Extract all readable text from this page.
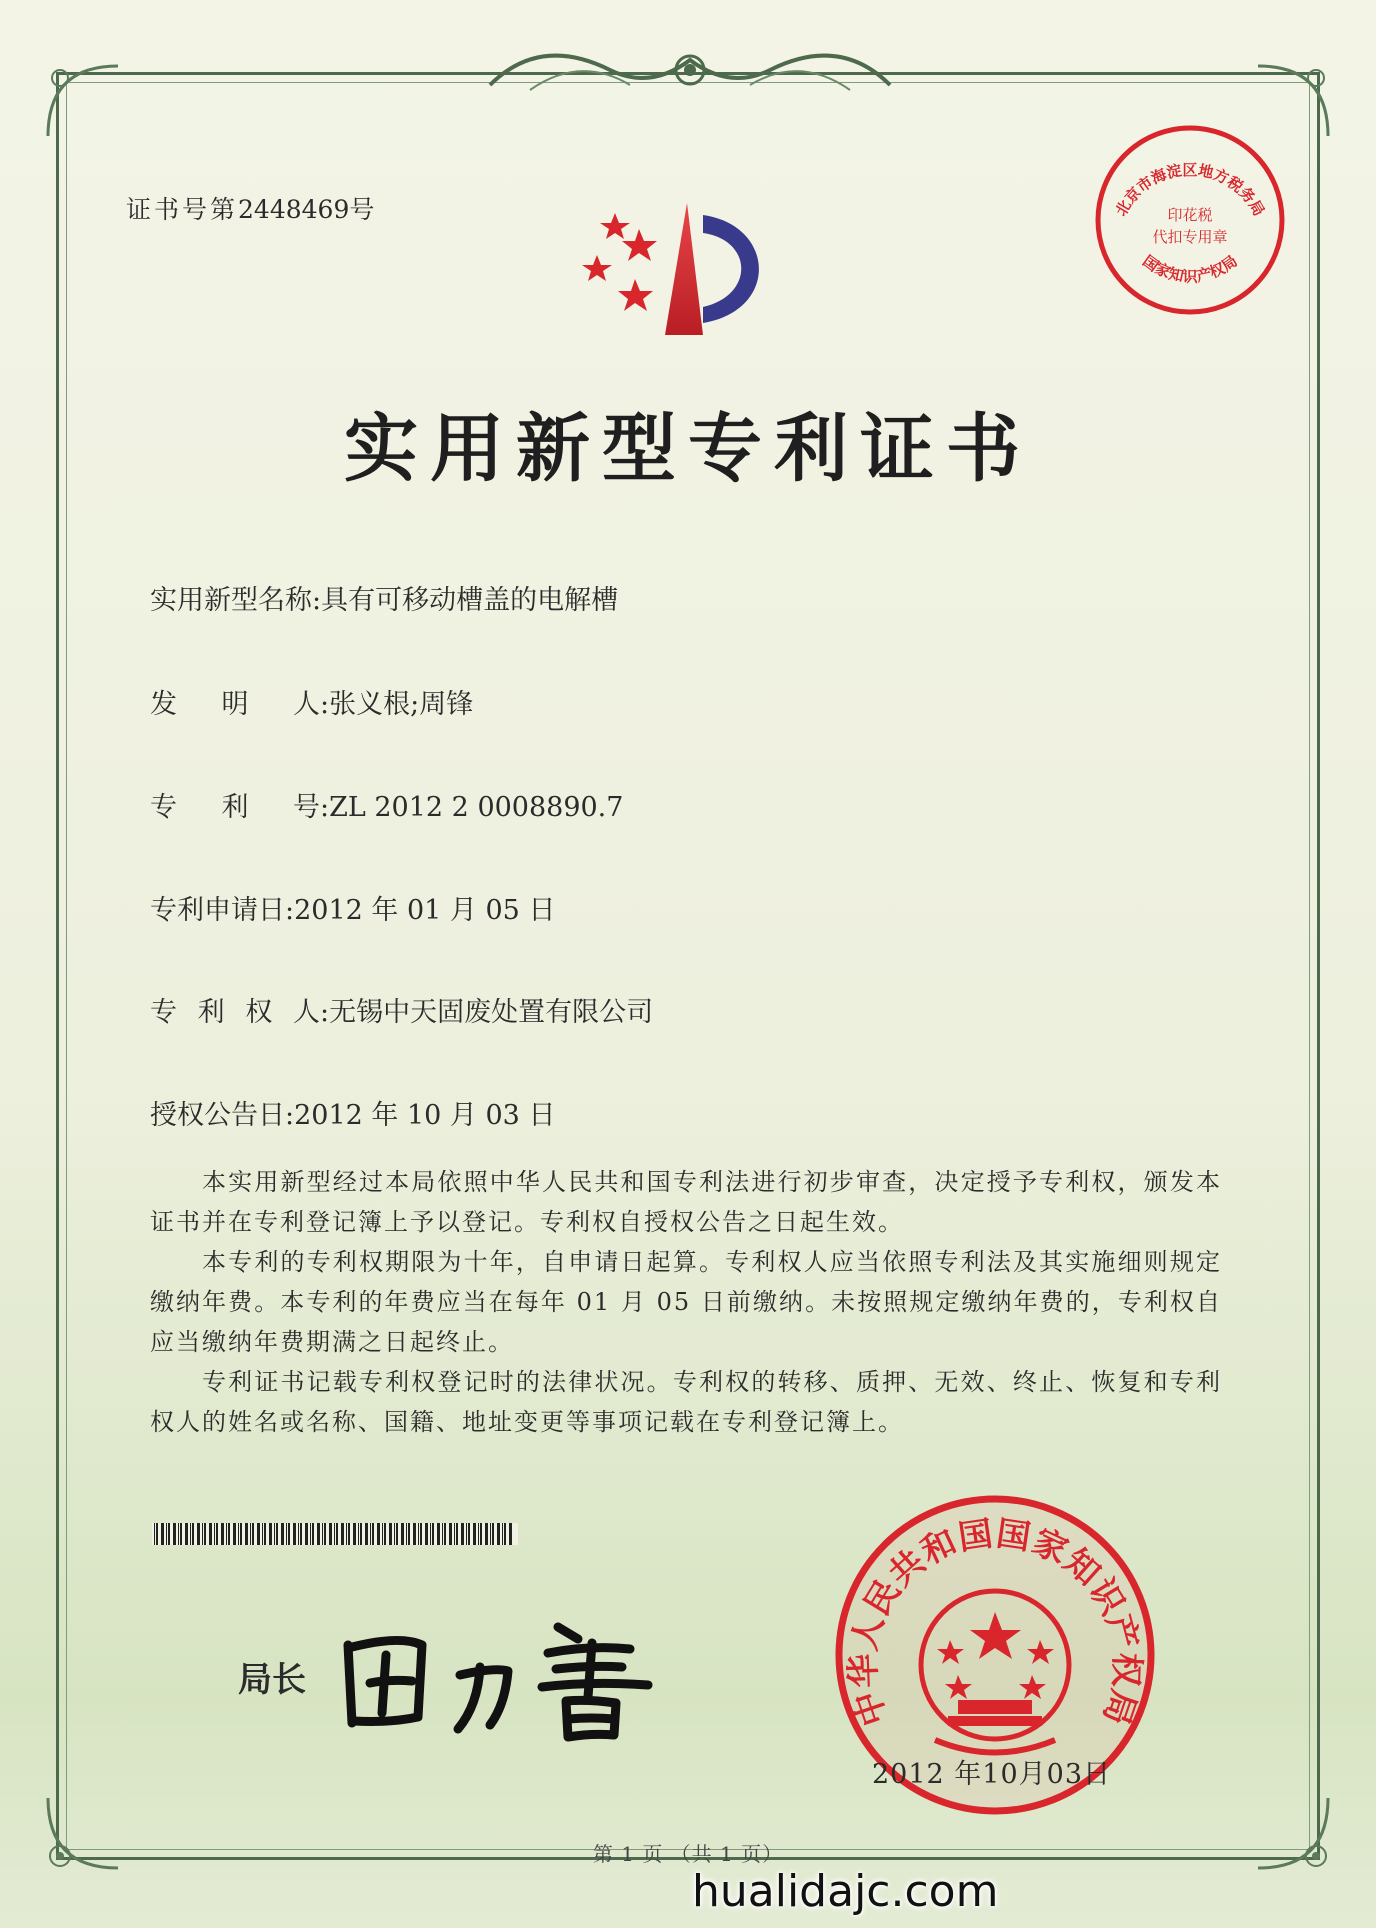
证书号第2448469号	北京市海淀区地方税务局
国家知识产权局
印花税
代扣专用章
实用新型专利证书
实用新型名称:具有可移动槽盖的电解槽
发 明 人 :张义根;周锋
专 利 号 :ZL 2012 2 0008890.7
专利申请日:2012 年 01 月 05 日
专 利 权 人 :无锡中天固废处置有限公司
授权公告日:2012 年 10 月 03 日

本实用新型经过本局依照中华人民共和国专利法进行初步审查，决定授予专利权，颁发本证书并在专利登记簿上予以登记。专利权自授权公告之日起生效。

本专利的专利权期限为十年，自申请日起算。专利权人应当依照专利法及其实施细则规定缴纳年费。本专利的年费应当在每年 01 月 05 日前缴纳。未按照规定缴纳年费的，专利权自应当缴纳年费期满之日起终止。

专利证书记载专利权登记时的法律状况。专利权的转移、质押、无效、终止、恢复和专利权人的姓名或名称、国籍、地址变更等事项记载在专利登记簿上。

局长
中华人民共和国国家知识产权局
2012 年10月03日
第 1 页 （共 1 页）
hualidajc.com
